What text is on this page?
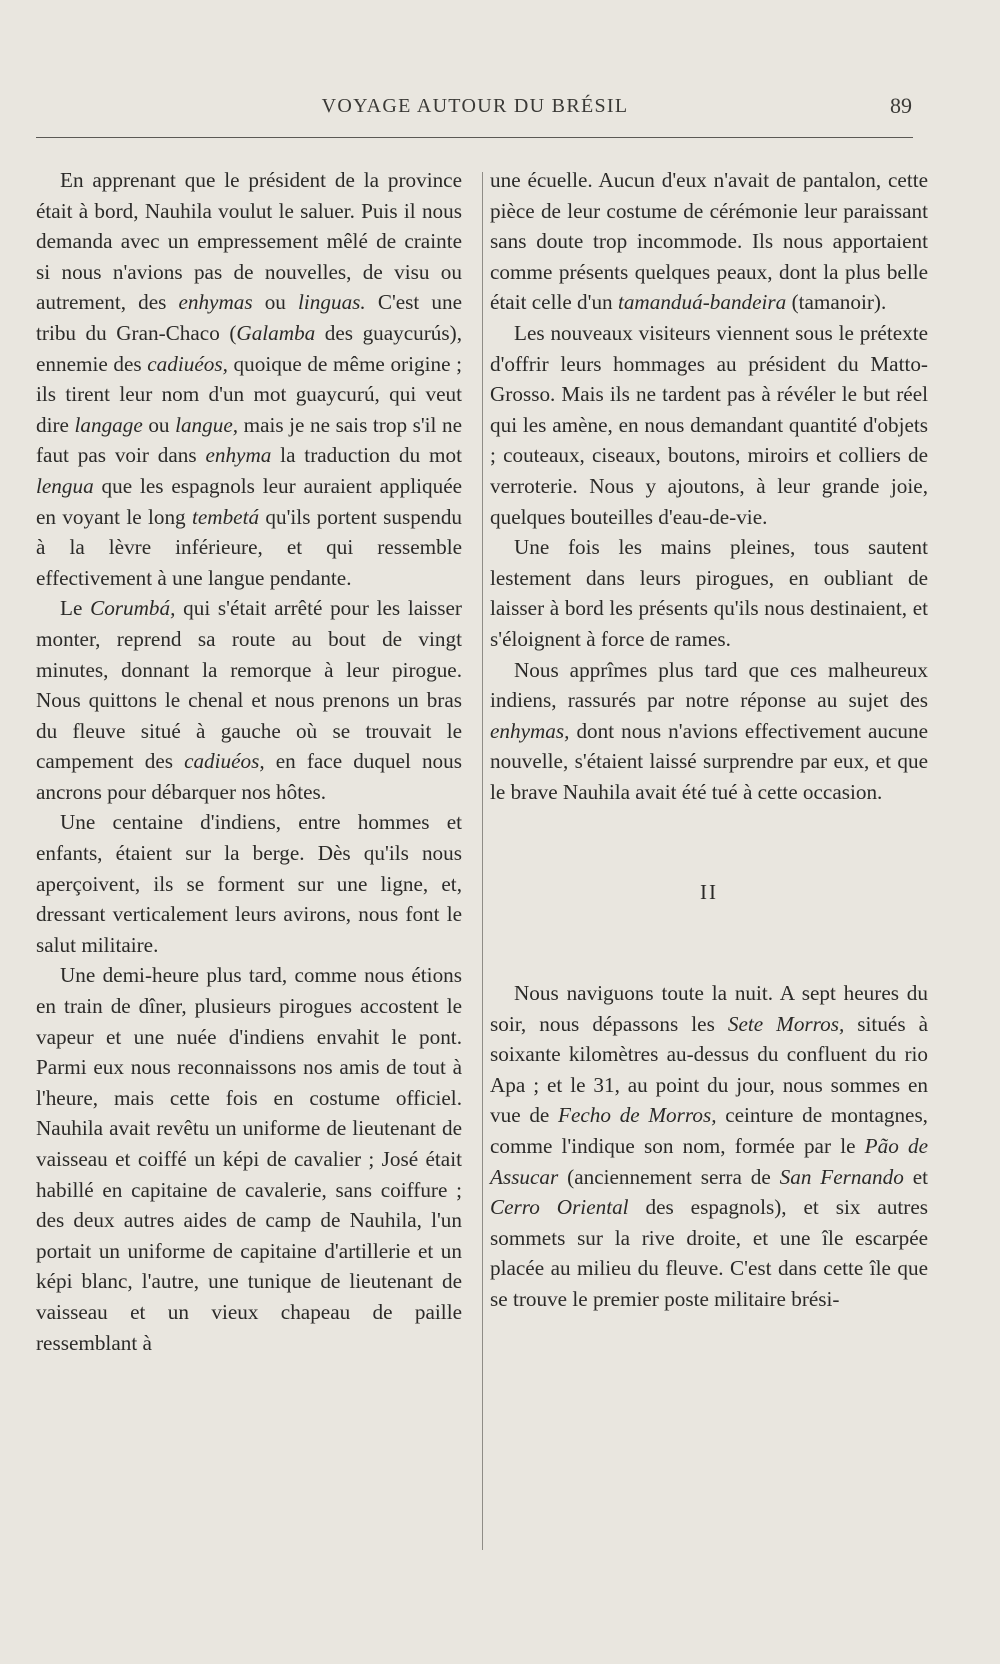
VOYAGE AUTOUR DU BRÉSIL	89

En apprenant que le président de la province était à bord, Nauhila voulut le saluer. Puis il nous demanda avec un empressement mêlé de crainte si nous n'avions pas de nouvelles, de visu ou autrement, des enhymas ou linguas. C'est une tribu du Gran-Chaco (Galamba des guaycurús), ennemie des cadiuéos, quoique de même origine ; ils tirent leur nom d'un mot guaycurú, qui veut dire langage ou langue, mais je ne sais trop s'il ne faut pas voir dans enhyma la traduction du mot lengua que les espagnols leur auraient appliquée en voyant le long tembetá qu'ils portent suspendu à la lèvre inférieure, et qui ressemble effectivement à une langue pendante.

Le Corumbá, qui s'était arrêté pour les laisser monter, reprend sa route au bout de vingt minutes, donnant la remorque à leur pirogue. Nous quittons le chenal et nous prenons un bras du fleuve situé à gauche où se trouvait le campement des cadiuéos, en face duquel nous ancrons pour débarquer nos hôtes.

Une centaine d'indiens, entre hommes et enfants, étaient sur la berge. Dès qu'ils nous aperçoivent, ils se forment sur une ligne, et, dressant verticalement leurs avirons, nous font le salut militaire.

Une demi-heure plus tard, comme nous étions en train de dîner, plusieurs pirogues accostent le vapeur et une nuée d'indiens envahit le pont. Parmi eux nous reconnaissons nos amis de tout à l'heure, mais cette fois en costume officiel. Nauhila avait revêtu un uniforme de lieutenant de vaisseau et coiffé un képi de cavalier ; José était habillé en capitaine de cavalerie, sans coiffure ; des deux autres aides de camp de Nauhila, l'un portait un uniforme de capitaine d'artillerie et un képi blanc, l'autre, une tunique de lieutenant de vaisseau et un vieux chapeau de paille ressemblant à

une écuelle. Aucun d'eux n'avait de pantalon, cette pièce de leur costume de cérémonie leur paraissant sans doute trop incommode. Ils nous apportaient comme présents quelques peaux, dont la plus belle était celle d'un tamanduá-bandeira (tamanoir).

Les nouveaux visiteurs viennent sous le prétexte d'offrir leurs hommages au président du Matto-Grosso. Mais ils ne tardent pas à révéler le but réel qui les amène, en nous demandant quantité d'objets ; couteaux, ciseaux, boutons, miroirs et colliers de verroterie. Nous y ajoutons, à leur grande joie, quelques bouteilles d'eau-de-vie.

Une fois les mains pleines, tous sautent lestement dans leurs pirogues, en oubliant de laisser à bord les présents qu'ils nous destinaient, et s'éloignent à force de rames.

Nous apprîmes plus tard que ces malheureux indiens, rassurés par notre réponse au sujet des enhymas, dont nous n'avions effectivement aucune nouvelle, s'étaient laissé surprendre par eux, et que le brave Nauhila avait été tué à cette occasion.

II

Nous naviguons toute la nuit. A sept heures du soir, nous dépassons les Sete Morros, situés à soixante kilomètres au-dessus du confluent du rio Apa ; et le 31, au point du jour, nous sommes en vue de Fecho de Morros, ceinture de montagnes, comme l'indique son nom, formée par le Pão de Assucar (anciennement serra de San Fernando et Cerro Oriental des espagnols), et six autres sommets sur la rive droite, et une île escarpée placée au milieu du fleuve. C'est dans cette île que se trouve le premier poste militaire brési-
